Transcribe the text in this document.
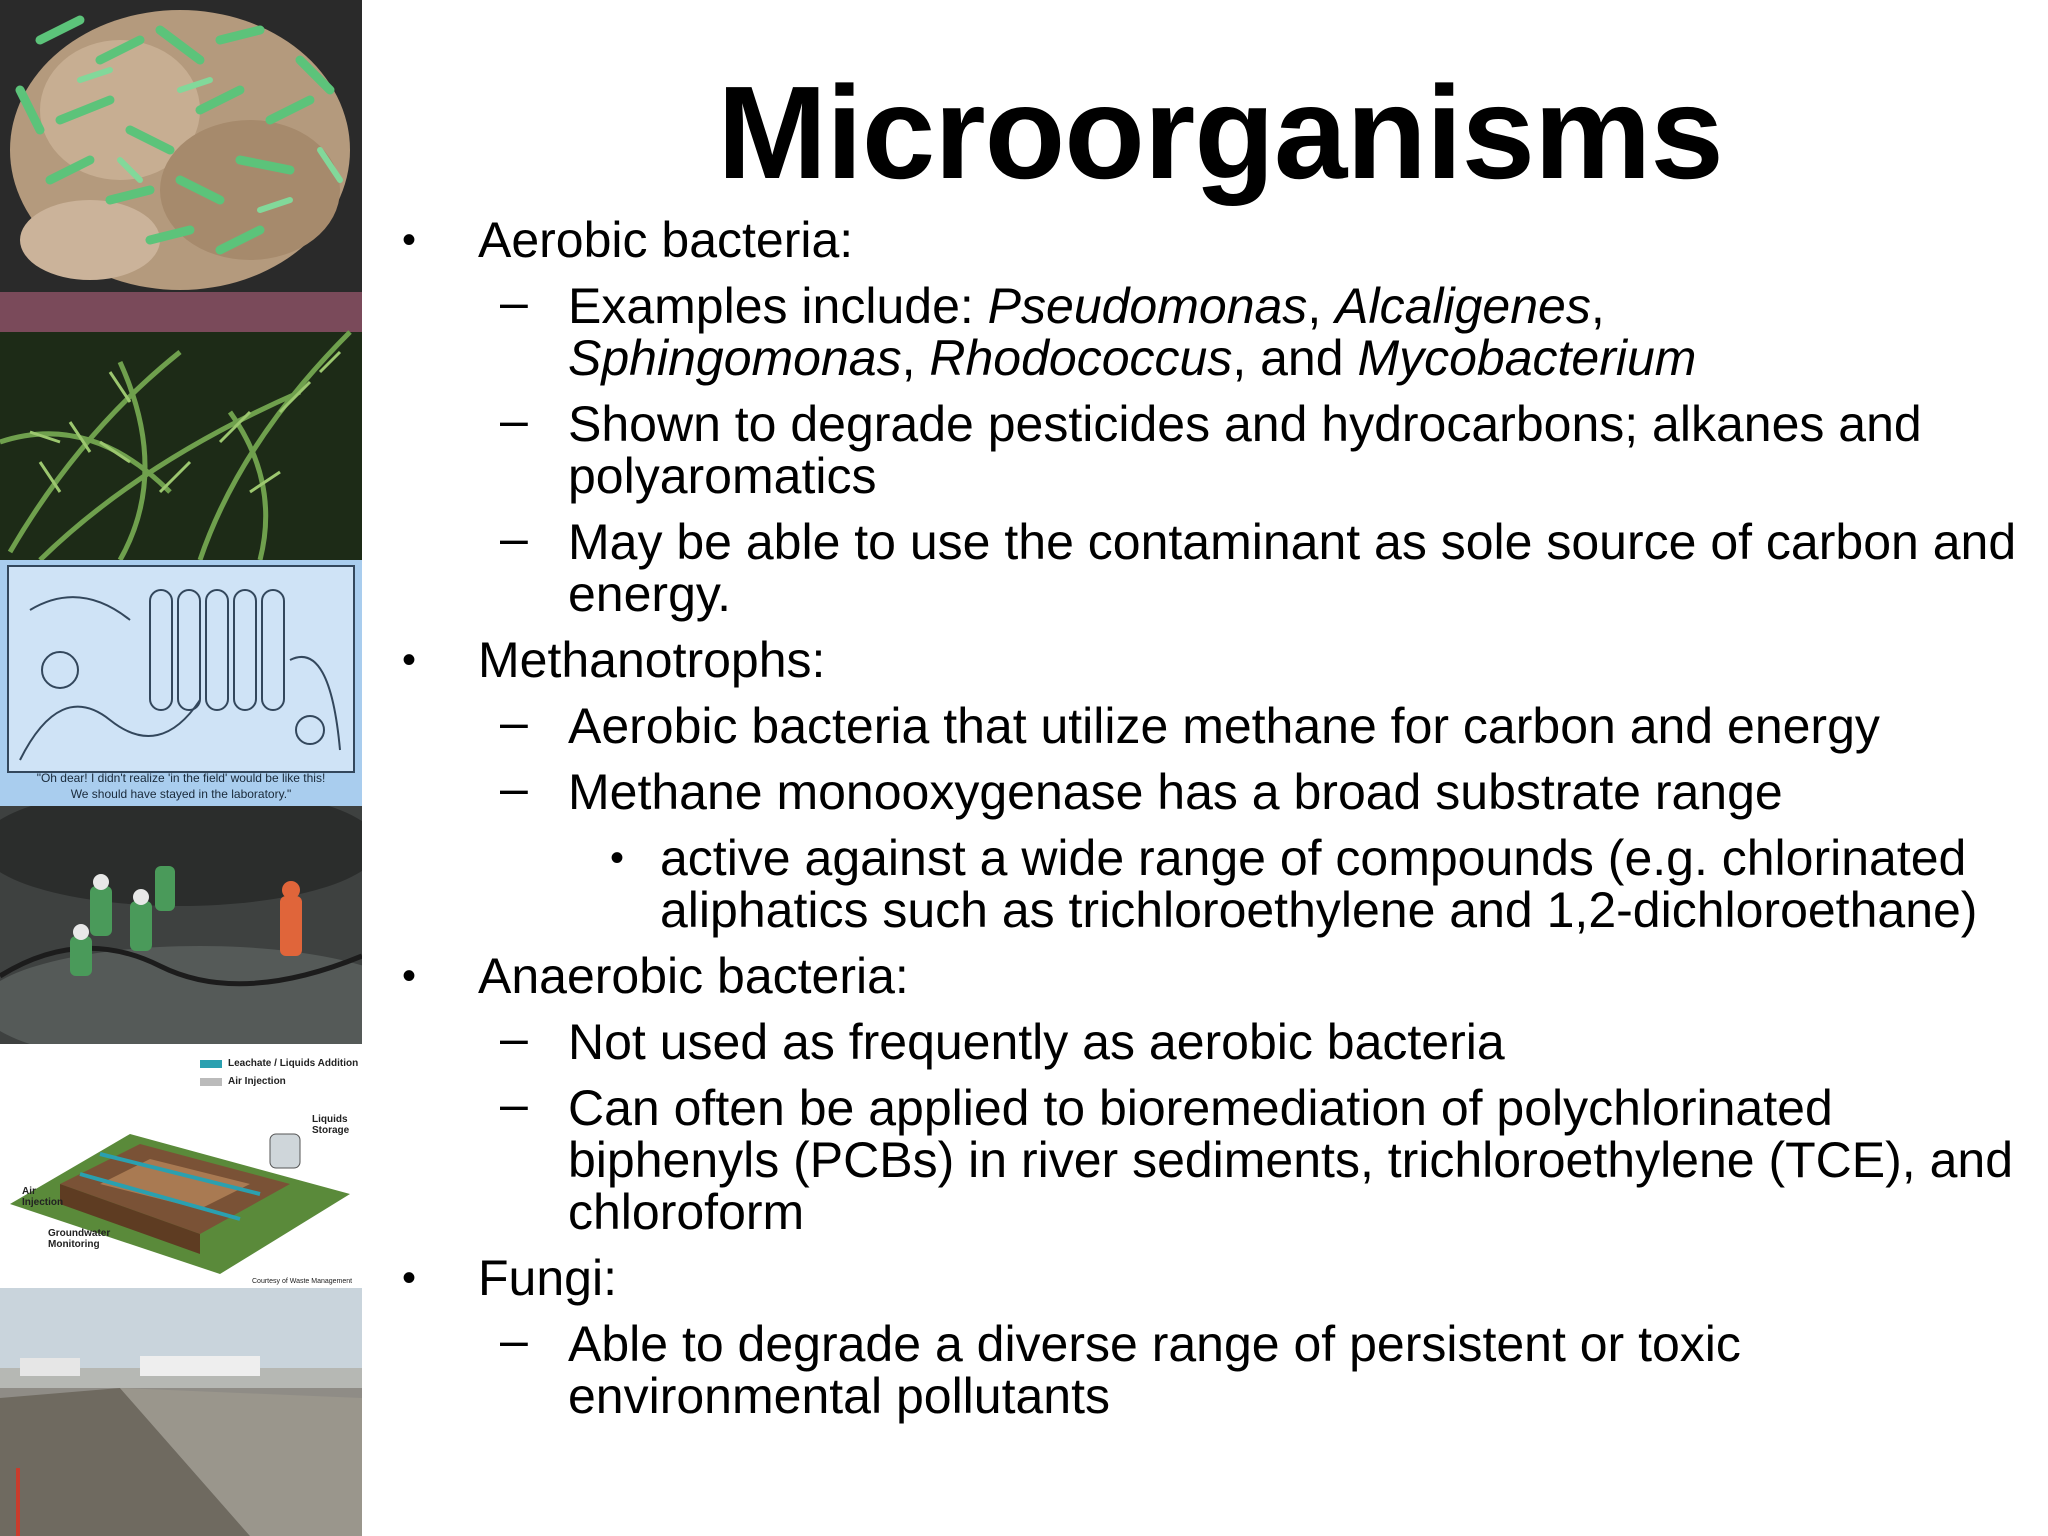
"Oh dear! I didn't realize 'in the field' would be like this!
We should have stayed in the laboratory."
Leachate / Liquids Addition
Air Injection
Liquids Storage
Air Injection
Groundwater Monitoring
Courtesy of Waste Management
Microorganisms
• Aerobic bacteria:
– Examples include: Pseudomonas, Alcaligenes,
Sphingomonas, Rhodococcus, and Mycobacterium
– Shown to degrade pesticides and hydrocarbons; alkanes and polyaromatics
– May be able to use the contaminant as sole source of carbon and energy.
• Methanotrophs:
– Aerobic bacteria that utilize methane for carbon and energy
– Methane monooxygenase has a broad substrate range
• active against a wide range of compounds (e.g. chlorinated aliphatics such as trichloroethylene and 1,2-dichloroethane)
• Anaerobic bacteria:
– Not used as frequently as aerobic bacteria
– Can often be applied to bioremediation of polychlorinated biphenyls (PCBs) in river sediments, trichloroethylene (TCE), and chloroform
• Fungi:
– Able to degrade a diverse range of persistent or toxic environmental pollutants
